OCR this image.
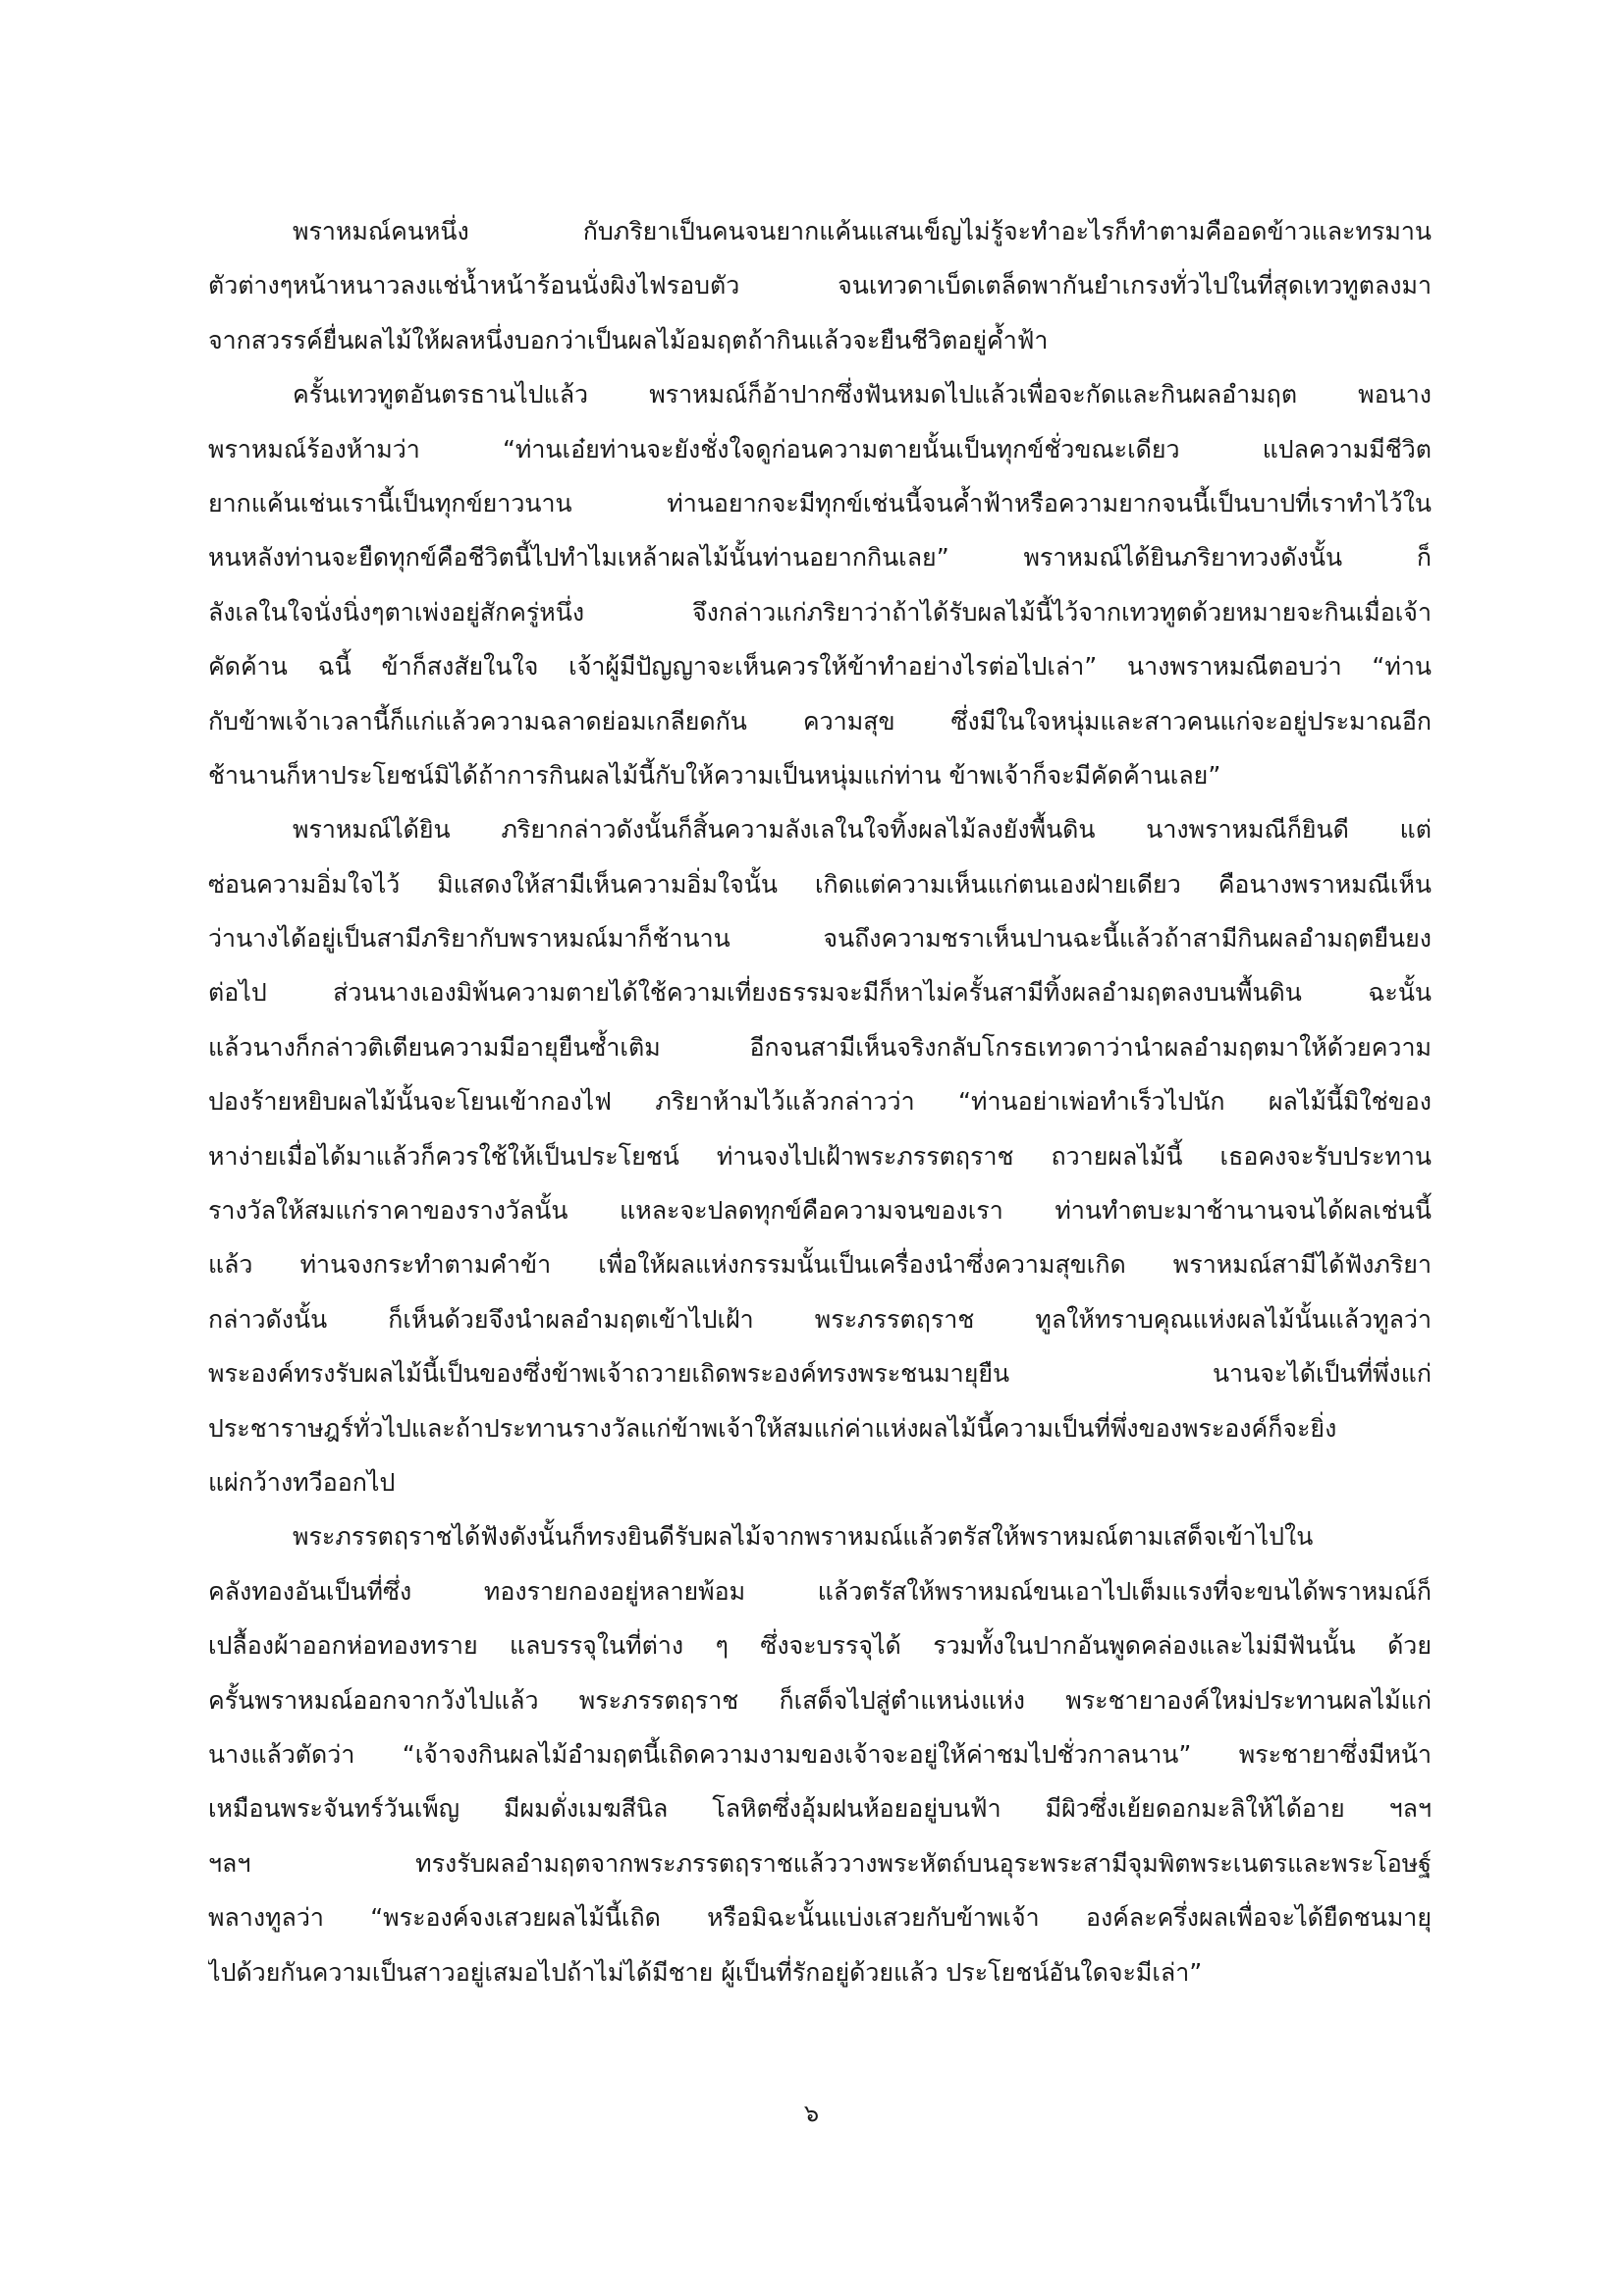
พราหมณ์คนหนึ่ง กับภริยาเป็นคนจนยากแค้นแสนเข็ญไม่รู้จะทำอะไรก็ทำตามคืออดข้าวและทรมาน
ตัวต่างๆหน้าหนาวลงแช่น้ำหน้าร้อนนั่งผิงไฟรอบตัว จนเทวดาเบ็ดเตล็ดพากันยำเกรงทั่วไปในที่สุดเทวทูตลงมา
จากสวรรค์ยื่นผลไม้ให้ผลหนึ่งบอกว่าเป็นผลไม้อมฤตถ้ากินแล้วจะยืนชีวิตอยู่ค้ำฟ้า
ครั้นเทวทูตอันตรธานไปแล้ว พราหมณ์ก็อ้าปากซึ่งฟันหมดไปแล้วเพื่อจะกัดและกินผลอำมฤต พอนาง
พราหมณ์ร้องห้ามว่า “ท่านเอ๋ยท่านจะยังชั่งใจดูก่อนความตายนั้นเป็นทุกข์ชั่วขณะเดียว แปลความมีชีวิต
ยากแค้นเช่นเรานี้เป็นทุกข์ยาวนาน ท่านอยากจะมีทุกข์เช่นนี้จนค้ำฟ้าหรือความยากจนนี้เป็นบาปที่เราทำไว้ใน
หนหลังท่านจะยืดทุกข์คือชีวิตนี้ไปทำไมเหล้าผลไม้นั้นท่านอยากกินเลย” พราหมณ์ได้ยินภริยาทวงดังนั้น ก็
ลังเลในใจนั่งนิ่งๆตาเพ่งอยู่สักครู่หนึ่ง จึงกล่าวแก่ภริยาว่าถ้าได้รับผลไม้นี้ไว้จากเทวทูตด้วยหมายจะกินเมื่อเจ้า
คัดค้าน ฉนี้ ข้าก็สงสัยในใจ เจ้าผู้มีปัญญาจะเห็นควรให้ข้าทำอย่างไรต่อไปเล่า” นางพราหมณีตอบว่า “ท่าน
กับข้าพเจ้าเวลานี้ก็แก่แล้วความฉลาดย่อมเกลียดกัน ความสุข ซึ่งมีในใจหนุ่มและสาวคนแก่จะอยู่ประมาณอีก
ช้านานก็หาประโยชน์มิได้ถ้าการกินผลไม้นี้กับให้ความเป็นหนุ่มแก่ท่าน ข้าพเจ้าก็จะมีคัดค้านเลย”
พราหมณ์ได้ยิน ภริยากล่าวดังนั้นก็สิ้นความลังเลในใจทิ้งผลไม้ลงยังพื้นดิน นางพราหมณีก็ยินดี แต่
ซ่อนความอิ่มใจไว้ มิแสดงให้สามีเห็นความอิ่มใจนั้น เกิดแต่ความเห็นแก่ตนเองฝ่ายเดียว คือนางพราหมณีเห็น
ว่านางได้อยู่เป็นสามีภริยากับพราหมณ์มาก็ช้านาน จนถึงความชราเห็นปานฉะนี้แล้วถ้าสามีกินผลอำมฤตยืนยง
ต่อไป ส่วนนางเองมิพ้นความตายได้ใช้ความเที่ยงธรรมจะมีก็หาไม่ครั้นสามีทิ้งผลอำมฤตลงบนพื้นดิน ฉะนั้น
แล้วนางก็กล่าวติเตียนความมีอายุยืนซ้ำเติม อีกจนสามีเห็นจริงกลับโกรธเทวดาว่านำผลอำมฤตมาให้ด้วยความ
ปองร้ายหยิบผลไม้นั้นจะโยนเข้ากองไฟ ภริยาห้ามไว้แล้วกล่าวว่า “ท่านอย่าเพ่อทำเร็วไปนัก ผลไม้นี้มิใช่ของ
หาง่ายเมื่อได้มาแล้วก็ควรใช้ให้เป็นประโยชน์ ท่านจงไปเฝ้าพระภรรตฤราช ถวายผลไม้นี้ เธอคงจะรับประทาน
รางวัลให้สมแก่ราคาของรางวัลนั้น แหละจะปลดทุกข์คือความจนของเรา ท่านทำตบะมาช้านานจนได้ผลเช่นนี้
แล้ว ท่านจงกระทำตามคำข้า เพื่อให้ผลแห่งกรรมนั้นเป็นเครื่องนำซึ่งความสุขเกิด พราหมณ์สามีได้ฟังภริยา
กล่าวดังนั้น ก็เห็นด้วยจึงนำผลอำมฤตเข้าไปเฝ้า พระภรรตฤราช ทูลให้ทราบคุณแห่งผลไม้นั้นแล้วทูลว่า
พระองค์ทรงรับผลไม้นี้เป็นของซึ่งข้าพเจ้าถวายเถิดพระองค์ทรงพระชนมายุยืน นานจะได้เป็นที่พึ่งแก่
ประชาราษฎร์ทั่วไปและถ้าประทานรางวัลแก่ข้าพเจ้าให้สมแก่ค่าแห่งผลไม้นี้ความเป็นที่พึ่งของพระองค์ก็จะยิ่ง
แผ่กว้างทวีออกไป
พระภรรตฤราชได้ฟังดังนั้นก็ทรงยินดีรับผลไม้จากพราหมณ์แล้วตรัสให้พราหมณ์ตามเสด็จเข้าไปใน
คลังทองอันเป็นที่ซึ่ง ทองรายกองอยู่หลายพ้อม แล้วตรัสให้พราหมณ์ขนเอาไปเต็มแรงที่จะขนได้พราหมณ์ก็
เปลื้องผ้าออกห่อทองทราย แลบรรจุในที่ต่าง ๆ ซึ่งจะบรรจุได้ รวมทั้งในปากอันพูดคล่องและไม่มีฟันนั้น ด้วย
ครั้นพราหมณ์ออกจากวังไปแล้ว พระภรรตฤราช ก็เสด็จไปสู่ตำแหน่งแห่ง พระชายาองค์ใหม่ประทานผลไม้แก่
นางแล้วตัดว่า “เจ้าจงกินผลไม้อำมฤตนี้เถิดความงามของเจ้าจะอยู่ให้ค่าชมไปชั่วกาลนาน” พระชายาซึ่งมีหน้า
เหมือนพระจันทร์วันเพ็ญ มีผมดั่งเมฆสีนิล โลหิตซึ่งอุ้มฝนห้อยอยู่บนฟ้า มีผิวซึ่งเย้ยดอกมะลิให้ได้อาย ฯลฯ
ฯลฯ ทรงรับผลอำมฤตจากพระภรรตฤราชแล้ววางพระหัตถ์บนอุระพระสามีจุมพิตพระเนตรและพระโอษฐ์
พลางทูลว่า “พระองค์จงเสวยผลไม้นี้เถิด หรือมิฉะนั้นแบ่งเสวยกับข้าพเจ้า องค์ละครึ่งผลเพื่อจะได้ยืดชนมายุ
ไปด้วยกันความเป็นสาวอยู่เสมอไปถ้าไม่ได้มีชาย ผู้เป็นที่รักอยู่ด้วยแล้ว ประโยชน์อันใดจะมีเล่า”
๖
